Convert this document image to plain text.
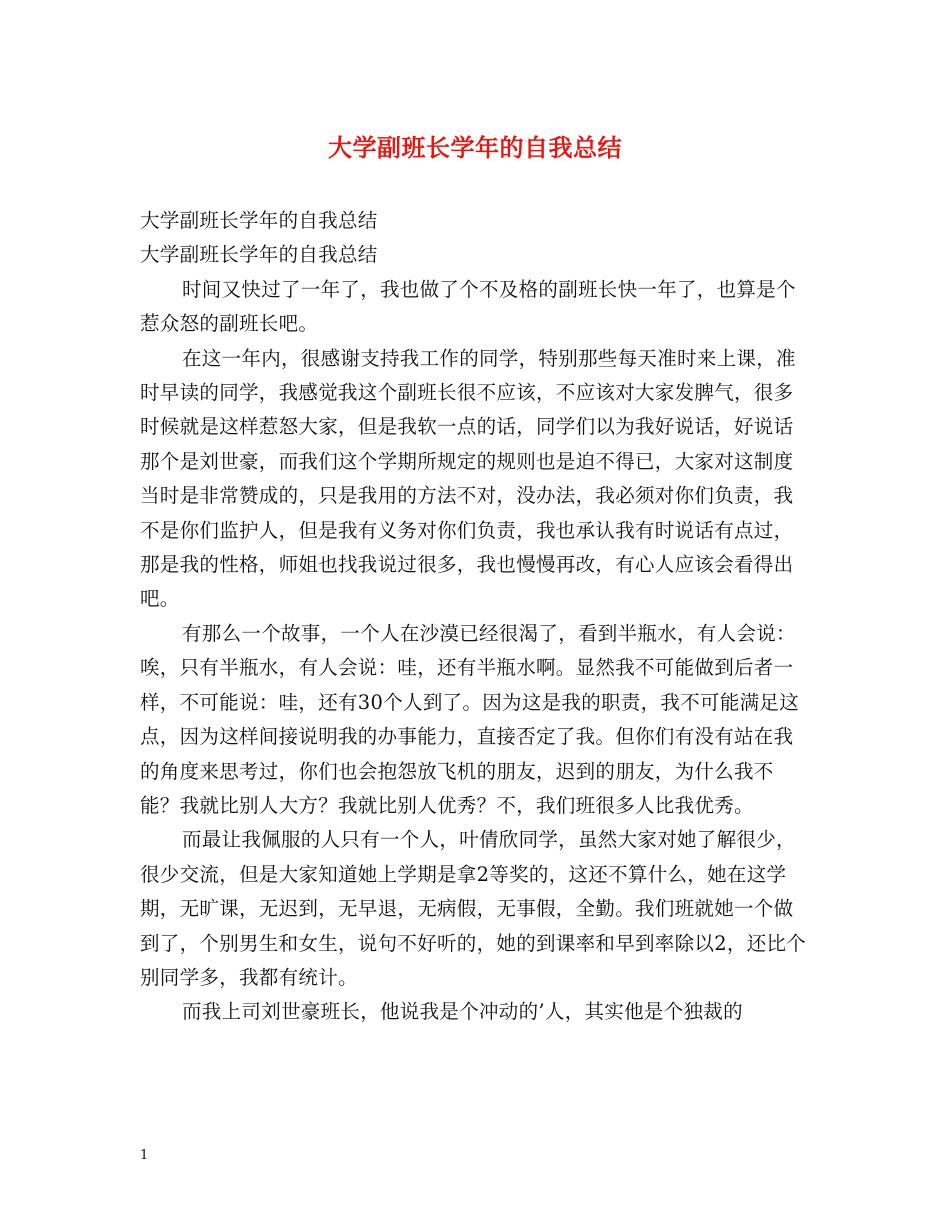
大学副班长学年的自我总结

大学副班长学年的自我总结

大学副班长学年的自我总结

时间又快过了一年了，我也做了个不及格的副班长快一年了，也算是个惹众怒的副班长吧。

在这一年内，很感谢支持我工作的同学，特别那些每天准时来上课，准时早读的同学，我感觉我这个副班长很不应该，不应该对大家发脾气，很多时候就是这样惹怒大家，但是我软一点的话，同学们以为我好说话，好说话那个是刘世豪，而我们这个学期所规定的规则也是迫不得已，大家对这制度当时是非常赞成的，只是我用的方法不对，没办法，我必须对你们负责，我不是你们监护人，但是我有义务对你们负责，我也承认我有时说话有点过，那是我的性格，师姐也找我说过很多，我也慢慢再改，有心人应该会看得出吧。

有那么一个故事，一个人在沙漠已经很渴了，看到半瓶水，有人会说：唉，只有半瓶水，有人会说：哇，还有半瓶水啊。显然我不可能做到后者一样，不可能说：哇，还有30个人到了。因为这是我的职责，我不可能满足这点，因为这样间接说明我的办事能力，直接否定了我。但你们有没有站在我的角度来思考过，你们也会抱怨放飞机的朋友，迟到的朋友，为什么我不能？我就比别人大方？我就比别人优秀？不，我们班很多人比我优秀。

而最让我佩服的人只有一个人，叶倩欣同学，虽然大家对她了解很少，很少交流，但是大家知道她上学期是拿2等奖的，这还不算什么，她在这学期，无旷课，无迟到，无早退，无病假，无事假，全勤。我们班就她一个做到了，个别男生和女生，说句不好听的，她的到课率和早到率除以2，还比个别同学多，我都有统计。

而我上司刘世豪班长，他说我是个冲动的’人，其实他是个独裁的

1
